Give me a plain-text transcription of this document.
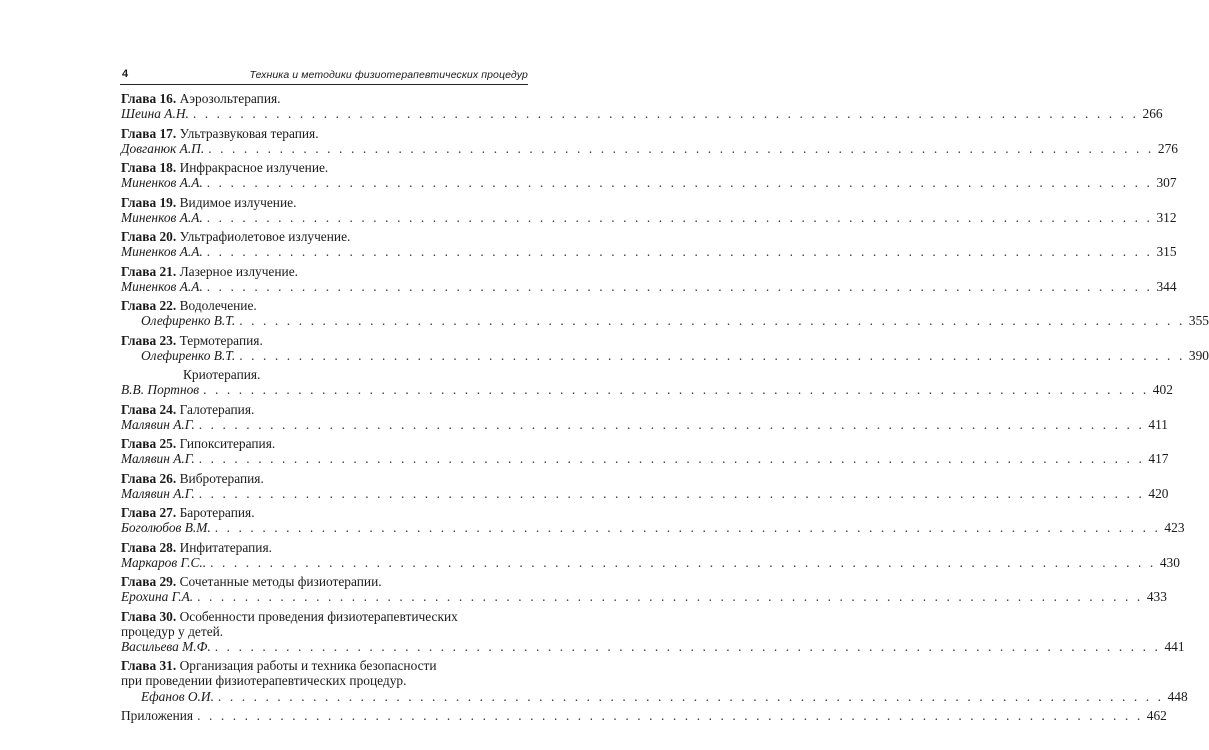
4	Техника и методики физиотерапевтических процедур
Глава 16. Аэрозольтерапия.
Шеина А.Н. . . . . . . . . . . . . . . . . . . . . . . . . . . . . . . . . . . . . . . . . . . . . . . . . . . . . . . . . . . . . . . . . . . . . . . . . . . . . . . . . 266
Глава 17. Ультразвуковая терапия.
Довганюк А.П. . . . . . . . . . . . . . . . . . . . . . . . . . . . . . . . . . . . . . . . . . . . . . . . . . . . . . . . . . . . . . . . . . . . . . . . . . . . . . . . . 276
Глава 18. Инфракрасное излучение.
Миненков А.А. . . . . . . . . . . . . . . . . . . . . . . . . . . . . . . . . . . . . . . . . . . . . . . . . . . . . . . . . . . . . . . . . . . . . . . . . . . . . . . . . 307
Глава 19. Видимое излучение.
Миненков А.А. . . . . . . . . . . . . . . . . . . . . . . . . . . . . . . . . . . . . . . . . . . . . . . . . . . . . . . . . . . . . . . . . . . . . . . . . . . . . . . . . 312
Глава 20. Ультрафиолетовое излучение.
Миненков А.А. . . . . . . . . . . . . . . . . . . . . . . . . . . . . . . . . . . . . . . . . . . . . . . . . . . . . . . . . . . . . . . . . . . . . . . . . . . . . . . . . 315
Глава 21. Лазерное излучение.
Миненков А.А. . . . . . . . . . . . . . . . . . . . . . . . . . . . . . . . . . . . . . . . . . . . . . . . . . . . . . . . . . . . . . . . . . . . . . . . . . . . . . . . . 344
Глава 22. Водолечение.
Олефиренко В.Т. . . . . . . . . . . . . . . . . . . . . . . . . . . . . . . . . . . . . . . . . . . . . . . . . . . . . . . . . . . . . . . . . . . . . . . . . . . . . . . . . 355
Глава 23. Термотерапия.
Олефиренко В.Т. . . . . . . . . . . . . . . . . . . . . . . . . . . . . . . . . . . . . . . . . . . . . . . . . . . . . . . . . . . . . . . . . . . . . . . . . . . . . . . . . 390
Криотерапия.
В.В. Портнов . . . . . . . . . . . . . . . . . . . . . . . . . . . . . . . . . . . . . . . . . . . . . . . . . . . . . . . . . . . . . . . . . . . . . . . . . . . . . . . . 402
Глава 24. Галотерапия.
Малявин А.Г. . . . . . . . . . . . . . . . . . . . . . . . . . . . . . . . . . . . . . . . . . . . . . . . . . . . . . . . . . . . . . . . . . . . . . . . . . . . . . . . . 411
Глава 25. Гипокситерапия.
Малявин А.Г. . . . . . . . . . . . . . . . . . . . . . . . . . . . . . . . . . . . . . . . . . . . . . . . . . . . . . . . . . . . . . . . . . . . . . . . . . . . . . . . . 417
Глава 26. Вибротерапия.
Малявин А.Г. . . . . . . . . . . . . . . . . . . . . . . . . . . . . . . . . . . . . . . . . . . . . . . . . . . . . . . . . . . . . . . . . . . . . . . . . . . . . . . . . 420
Глава 27. Баротерапия.
Боголюбов В.М. . . . . . . . . . . . . . . . . . . . . . . . . . . . . . . . . . . . . . . . . . . . . . . . . . . . . . . . . . . . . . . . . . . . . . . . . . . . . . . . . 423
Глава 28. Инфитатерапия.
Маркаров Г.С.. . . . . . . . . . . . . . . . . . . . . . . . . . . . . . . . . . . . . . . . . . . . . . . . . . . . . . . . . . . . . . . . . . . . . . . . . . . . . . . . . 430
Глава 29. Сочетанные методы физиотерапии.
Ерохина Г.А. . . . . . . . . . . . . . . . . . . . . . . . . . . . . . . . . . . . . . . . . . . . . . . . . . . . . . . . . . . . . . . . . . . . . . . . . . . . . . . . . 433
Глава 30. Особенности проведения физиотерапевтических
процедур у детей.
Васильева М.Ф. . . . . . . . . . . . . . . . . . . . . . . . . . . . . . . . . . . . . . . . . . . . . . . . . . . . . . . . . . . . . . . . . . . . . . . . . . . . . . . . . 441
Глава 31. Организация работы и техника безопасности
при проведении физиотерапевтических процедур.
Ефанов О.И. . . . . . . . . . . . . . . . . . . . . . . . . . . . . . . . . . . . . . . . . . . . . . . . . . . . . . . . . . . . . . . . . . . . . . . . . . . . . . . . . 448
Приложения . . . . . . . . . . . . . . . . . . . . . . . . . . . . . . . . . . . . . . . . . . . . . . . . . . . . . . . . . . . . . . . . . . . . . . . . . . . . . . . . 462
